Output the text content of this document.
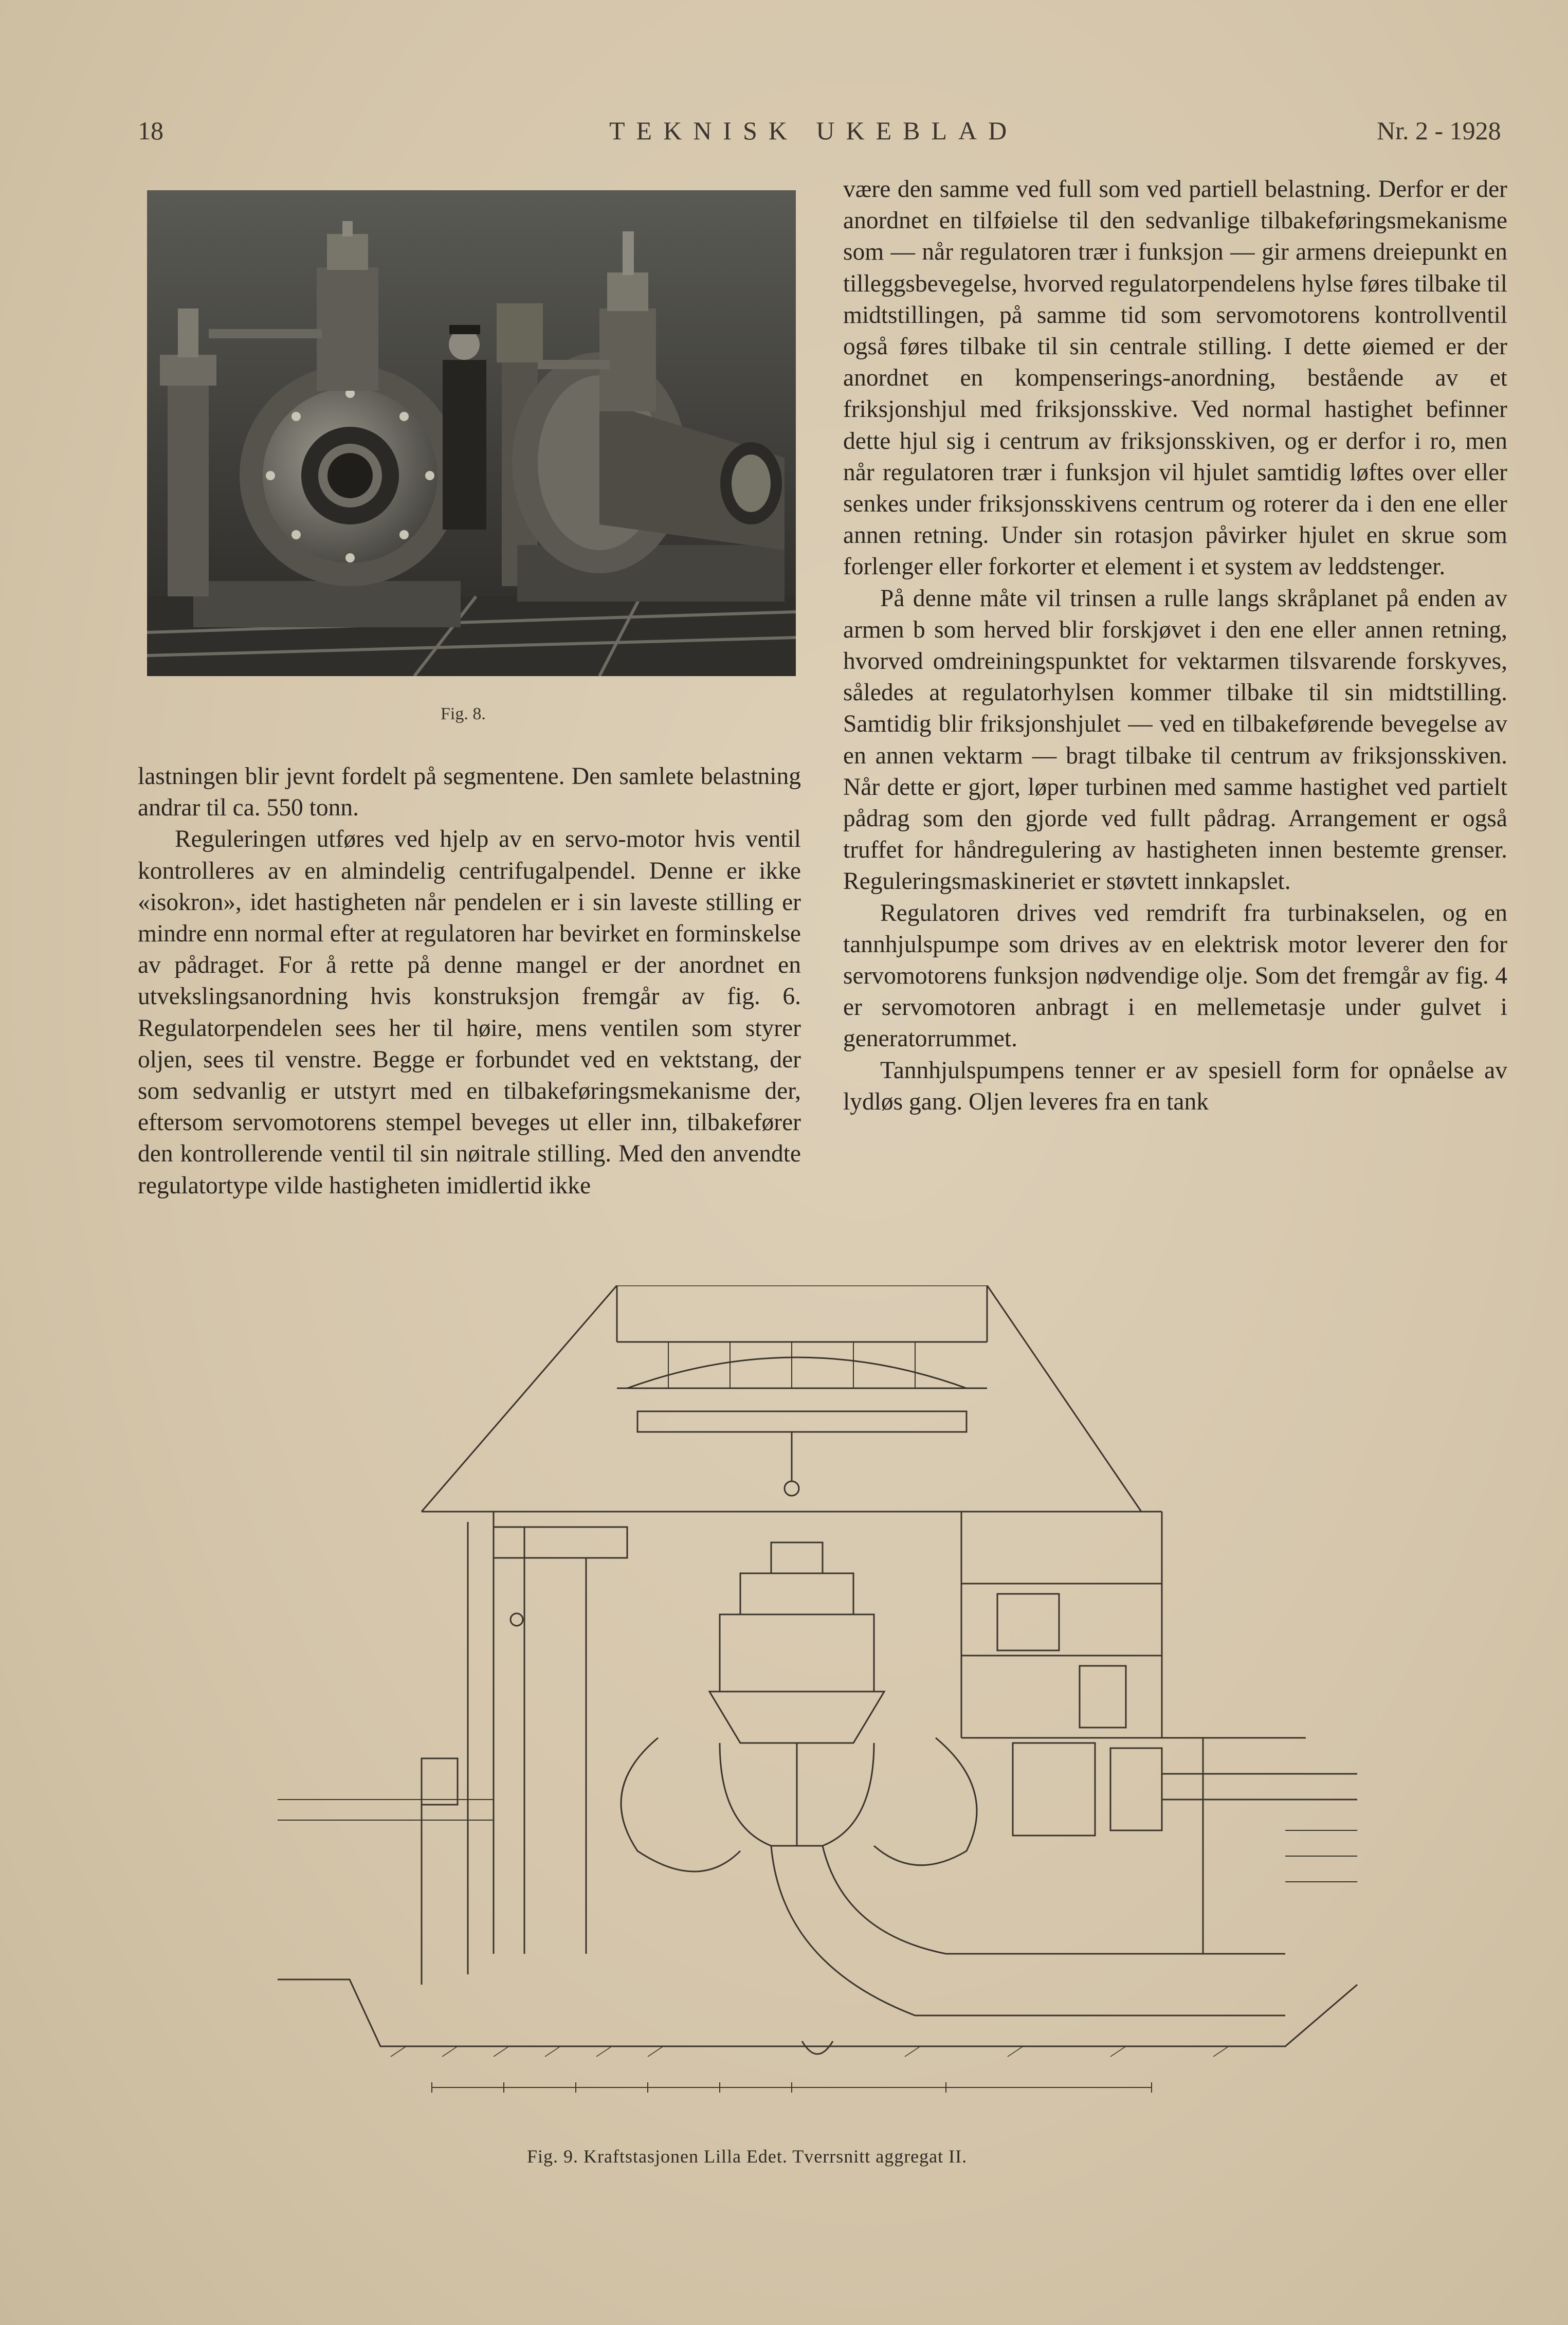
18	TEKNISK UKEBLAD	Nr. 2 - 1928
Fig. 8.

lastningen blir jevnt fordelt på segmentene. Den samlete belastning andrar til ca. 550 tonn.

Reguleringen utføres ved hjelp av en servo-motor hvis ventil kontrolleres av en almindelig centrifugalpendel. Denne er ikke «isokron», idet hastigheten når pendelen er i sin laveste stilling er mindre enn normal efter at regulatoren har bevirket en forminskelse av pådraget. For å rette på denne mangel er der anordnet en utvekslingsanordning hvis konstruksjon fremgår av fig. 6. Regulatorpendelen sees her til høire, mens ventilen som styrer oljen, sees til venstre. Begge er forbundet ved en vektstang, der som sedvanlig er utstyrt med en tilbakeføringsmekanisme der, eftersom servomotorens stempel beveges ut eller inn, tilbakefører den kontrollerende ventil til sin nøitrale stilling. Med den anvendte regulatortype vilde hastigheten imidlertid ikke

være den samme ved full som ved partiell belastning. Derfor er der anordnet en tilføielse til den sedvanlige tilbakeføringsmekanisme som — når regulatoren trær i funksjon — gir armens dreiepunkt en tilleggsbevegelse, hvorved regulatorpendelens hylse føres tilbake til midtstillingen, på samme tid som servomotorens kontrollventil også føres tilbake til sin centrale stilling. I dette øiemed er der anordnet en kompenserings-anordning, bestående av et friksjonshjul med friksjonsskive. Ved normal hastighet befinner dette hjul sig i centrum av friksjonsskiven, og er derfor i ro, men når regulatoren trær i funksjon vil hjulet samtidig løftes over eller senkes under friksjonsskivens centrum og roterer da i den ene eller annen retning. Under sin rotasjon påvirker hjulet en skrue som forlenger eller forkorter et element i et system av leddstenger.

På denne måte vil trinsen a rulle langs skråplanet på enden av armen b som herved blir forskjøvet i den ene eller annen retning, hvorved omdreiningspunktet for vektarmen tilsvarende forskyves, således at regulatorhylsen kommer tilbake til sin midtstilling. Samtidig blir friksjonshjulet — ved en tilbakeførende bevegelse av en annen vektarm — bragt tilbake til centrum av friksjonsskiven. Når dette er gjort, løper turbinen med samme hastighet ved partielt pådrag som den gjorde ved fullt pådrag. Arrangement er også truffet for håndregulering av hastigheten innen bestemte grenser. Reguleringsmaskineriet er støvtett innkapslet.

Regulatoren drives ved remdrift fra turbinakselen, og en tannhjulspumpe som drives av en elektrisk motor leverer den for servomotorens funksjon nødvendige olje. Som det fremgår av fig. 4 er servomotoren anbragt i en mellemetasje under gulvet i generatorrummet.

Tannhjulspumpens tenner er av spesiell form for opnåelse av lydløs gang. Oljen leveres fra en tank

Fig. 9. Kraftstasjonen Lilla Edet. Tverrsnitt aggregat II.
